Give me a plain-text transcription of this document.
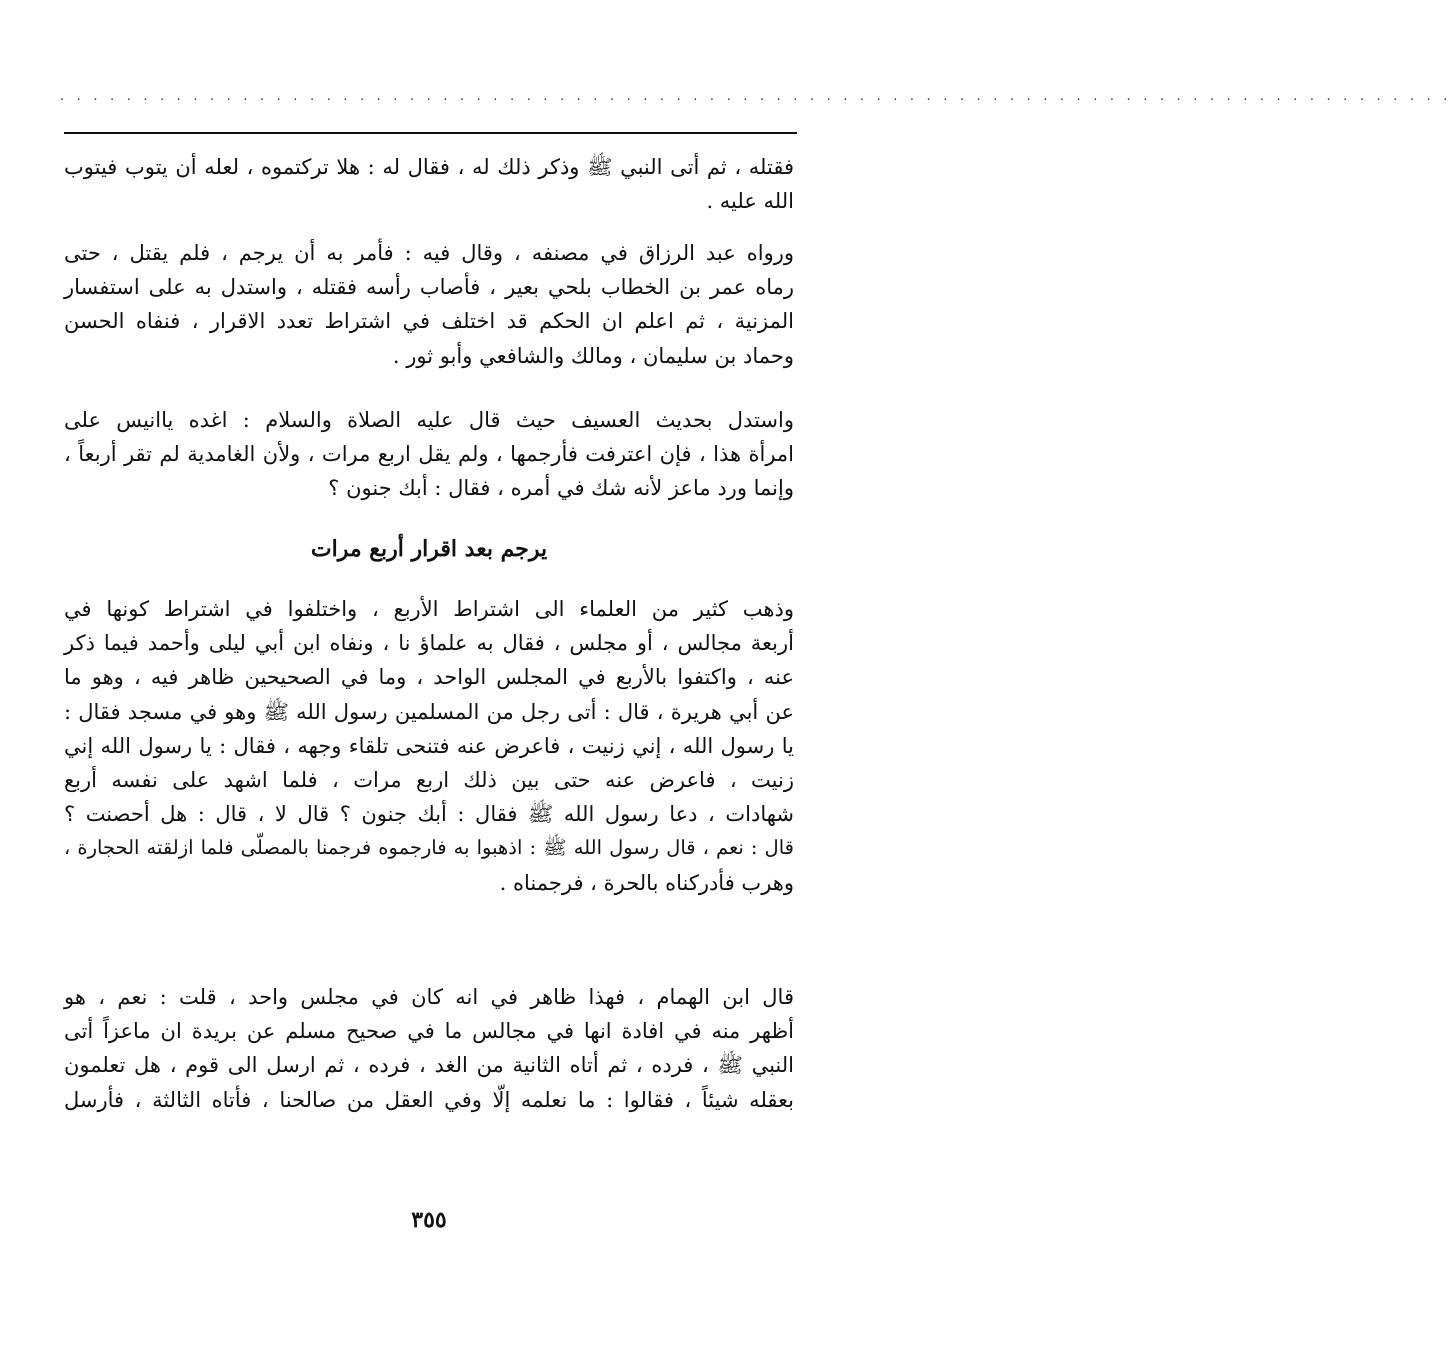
. . . . . . . . . . . . . . . . . . . . . . . . . . . . . . . . . . . . . . . . . . . . . . . . . . . . . . . . . . . . . . . . . . . . . . . . . . . . . . . . . . . .
فقتله ، ثم أتى النبي ﷺ وذكر ذلك له ، فقال له : هلا تركتموه ، لعله أن يتوب فيتوب
الله عليه .
ورواه عبد الرزاق في مصنفه ، وقال فيه : فأمر به أن يرجم ، فلم يقتل ، حتى
رماه عمر بن الخطاب بلحي بعير ، فأصاب رأسه فقتله ، واستدل به على استفسار
المزنية ، ثم اعلم ان الحكم قد اختلف في اشتراط تعدد الاقرار ، فنفاه الحسن
وحماد بن سليمان ، ومالك والشافعي وأبو ثور .
واستدل بحديث العسيف حيث قال عليه الصلاة والسلام : اغده ياانيس على
امرأة هذا ، فإن اعترفت فأرجمها ، ولم يقل اربع مرات ، ولأن الغامدية لم تقر أربعاً ،
وإنما ورد ماعز لأنه شك في أمره ، فقال : أبك جنون ؟
يرجم بعد اقرار أربع مرات
وذهب كثير من العلماء الى اشتراط الأربع ، واختلفوا في اشتراط كونها في
أربعة مجالس ، أو مجلس ، فقال به علماؤ نا ، ونفاه ابن أبي ليلى وأحمد فيما ذكر
عنه ، واكتفوا بالأربع في المجلس الواحد ، وما في الصحيحين ظاهر فيه ، وهو ما
عن أبي هريرة ، قال : أتى رجل من المسلمين رسول الله ﷺ وهو في مسجد فقال :
يا رسول الله ، إني زنيت ، فاعرض عنه فتنحى تلقاء وجهه ، فقال : يا رسول الله إني
زنيت ، فاعرض عنه حتى بين ذلك اربع مرات ، فلما اشهد على نفسه أربع
شهادات ، دعا رسول الله ﷺ فقال : أبك جنون ؟ قال لا ، قال : هل أحصنت ؟
قال : نعم ، قال رسول الله ﷺ : اذهبوا به فارجموه فرجمنا بالمصلّى فلما ازلقته الحجارة ،
وهرب فأدركناه بالحرة ، فرجمناه .
قال ابن الهمام ، فهذا ظاهر في انه كان في مجلس واحد ، قلت : نعم ، هو
أظهر منه في افادة انها في مجالس ما في صحيح مسلم عن بريدة ان ماعزاً أتى
النبي ﷺ ، فرده ، ثم أتاه الثانية من الغد ، فرده ، ثم ارسل الى قوم ، هل تعلمون
بعقله شيئاً ، فقالوا : ما نعلمه إلّا وفي العقل من صالحنا ، فأتاه الثالثة ، فأرسل
٣٥٥
